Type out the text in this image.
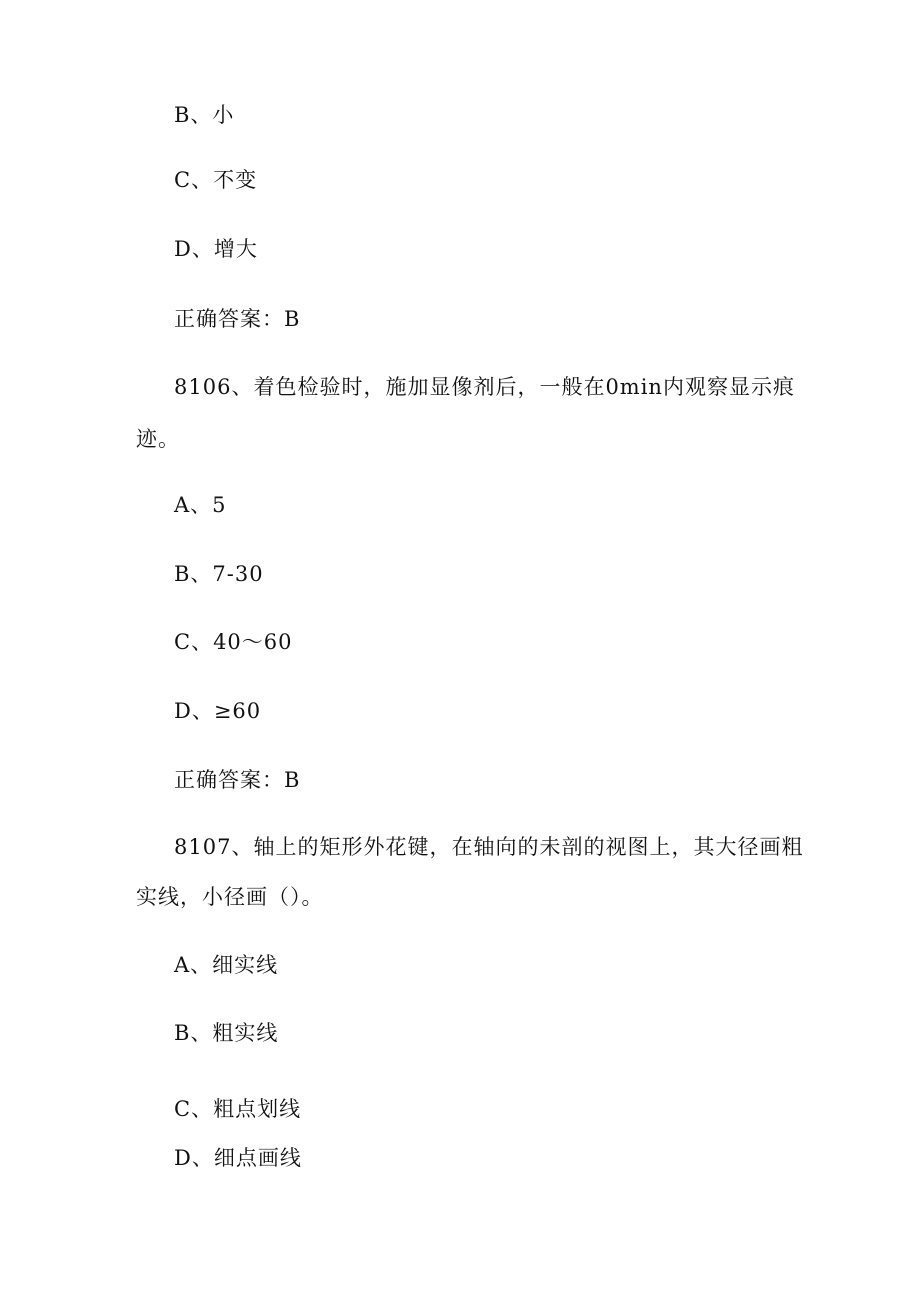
B、小
C、不变
D、增大
正确答案：B
8106、着色检验时，施加显像剂后，一般在0min内观察显示痕
迹。
A、5
B、7-30
C、40～60
D、≥60
正确答案：B
8107、轴上的矩形外花键，在轴向的未剖的视图上，其大径画粗
实线，小径画（）。
A、细实线
B、粗实线
C、粗点划线
D、细点画线
